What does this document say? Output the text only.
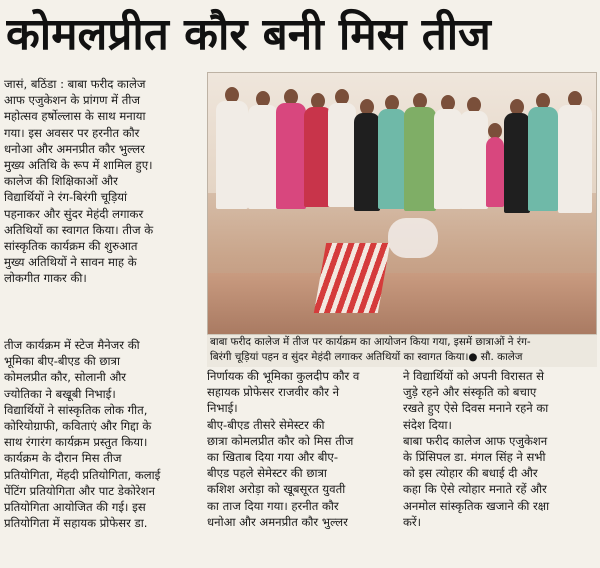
कोमलप्रीत कौर बनी मिस तीज
जासं, बठिंडा : बाबा फरीद कालेज
आफ एजुकेशन के प्रांगण में तीज
महोत्सव हर्षोल्लास के साथ मनाया
गया। इस अवसर पर हरनीत कौर
धनोआ और अमनप्रीत कौर भुल्लर
मुख्य अतिथि के रूप में शामिल हुए।
कालेज की शिक्षिकाओं और
विद्यार्थियों ने रंग-बिरंगी चूड़ियां
पहनाकर और सुंदर मेहंदी लगाकर
अतिथियों का स्वागत किया। तीज के
सांस्कृतिक कार्यक्रम की शुरुआत
मुख्य अतिथियों ने सावन माह के
लोकगीत गाकर की।
बाबा फरीद कालेज में तीज पर कार्यक्रम का आयोजन किया गया, इसमें छात्राओं ने रंग-
बिरंगी चूड़ियां पहन व सुंदर मेहंदी लगाकर अतिथियों का स्वागत किया।● सौ. कालेज
तीज कार्यक्रम में स्टेज मैनेजर की
भूमिका बीए-बीएड की छात्रा
कोमलप्रीत कौर, सोलानी और
ज्योतिका ने बखूबी निभाई।
विद्यार्थियों ने सांस्कृतिक लोक गीत,
कोरियोग्राफी, कविताएं और गिद्दा के
साथ रंगारंग कार्यक्रम प्रस्तुत किया।
कार्यक्रम के दौरान मिस तीज
प्रतियोगिता, मेंहदी प्रतियोगिता, कलाई
पेंटिंग प्रतियोगिता और पाट डेकोरेशन
प्रतियोगिता आयोजित की गई। इस
प्रतियोगिता में सहायक प्रोफेसर डा.
निर्णायक की भूमिका कुलदीप कौर व
सहायक प्रोफेसर राजवीर कौर ने
निभाई।
बीए-बीएड तीसरे सेमेस्टर की
छात्रा कोमलप्रीत कौर को मिस तीज
का खिताब दिया गया और बीए-
बीएड पहले सेमेस्टर की छात्रा
कशिश अरोड़ा को खूबसूरत युवती
का ताज दिया गया। हरनीत कौर
धनोआ और अमनप्रीत कौर भुल्लर
ने विद्यार्थियों को अपनी विरासत से
जुड़े रहने और संस्कृति को बचाए
रखते हुए ऐसे दिवस मनाने रहने का
संदेश दिया।
बाबा फरीद कालेज आफ एजुकेशन
के प्रिंसिपल डा. मंगल सिंह ने सभी
को इस त्योहार की बधाई दी और
कहा कि ऐसे त्योहार मनाते रहें और
अनमोल सांस्कृतिक खजाने की रक्षा
करें।
